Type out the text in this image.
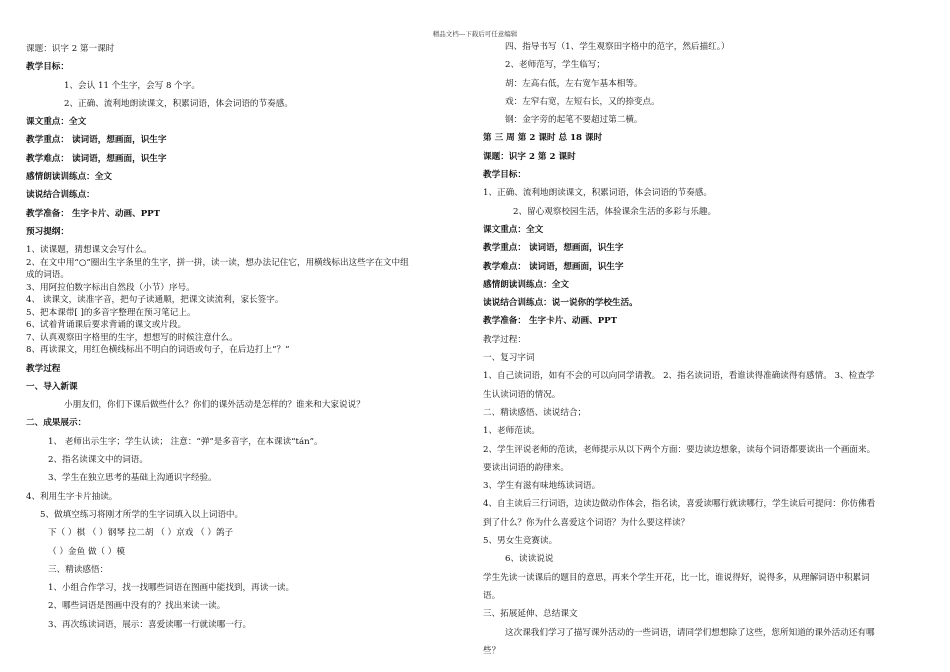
精品文档---下载后可任意编辑
课题：识字 2 第一课时
教学目标：
1、会认 11 个生字，会写 8 个字。
2、正确、流利地朗读课文，积累词语，体会词语的节奏感。
课文重点：全文
教学重点： 读词语，想画面，识生字
教学难点： 读词语，想画面，识生字
感情朗读训练点：全文
读说结合训练点：
教学准备： 生字卡片、动画、PPT
预习提纲：
1、读课题，猜想课文会写什么。
2、在文中用“○”圈出生字条里的生字，拼一拼，读一读，想办法记住它，用横线标出这些字在文中组
成的词语。
3、用阿拉伯数字标出自然段（小节）序号。
4、 读课文，读准字音，把句子读通顺，把课文读流利，家长签字。
5、把本课带[ ]的多音字整理在预习笔记上。
6、试着背诵课后要求背诵的课文或片段。
7、认真观察田字格里的生字，想想写的时候注意什么。
8、再读课文，用红色横线标出不明白的词语或句子，在后边打上“？”
教学过程
一、导入新课
小朋友们，你们下课后做些什么？你们的课外活动是怎样的？谁来和大家说说？
二、成果展示：
1、 老师出示生字；学生认读； 注意：“弹”是多音字，在本课读“tán”。
2、指名读课文中的词语。
3、学生在独立思考的基础上沟通识字经验。
4、利用生字卡片抽读。
5、做填空练习将刚才所学的生字词填入以上词语中。
下（ ）棋 （ ）钢琴 拉二胡 （ ）京戏 （ ）鸽子
（ ）金鱼 做（ ）模
三、精读感悟：
1、小组合作学习，找一找哪些词语在图画中能找到，再读一读。
2、哪些词语是图画中没有的？找出来读一读。
3、再次练读词语，展示：喜爱读哪一行就读哪一行。
四、指导书写（1、学生观察田字格中的范字，然后描红。）
2、老师范写，学生临写；
胡：左高右低，左右宽乍基本相等。
戏：左窄右宽，左短右长，又的捺变点。
钢：金字旁的起笔不要超过第二横。
第 三 周 第 2 课时 总 18 课时
课题：识字 2 第 2 课时
教学目标：
1、正确、流利地朗读课文，积累词语，体会词语的节奏感。
2、留心观察校园生活，体验课余生活的多彩与乐趣。
课文重点：全文
教学重点： 读词语，想画面，识生字
教学难点： 读词语，想画面，识生字
感情朗读训练点：全文
读说结合训练点：说一说你的学校生活。
教学准备： 生字卡片、动画、PPT
教学过程：
一、复习字词
1、自己读词语，如有不会的可以向同学请教。 2、指名读词语，看谁读得准确读得有感情。 3、检查学
生认读词语的情况。
二、精读感悟、读说结合；
1、老师范读。
2、学生评说老师的范读，老师提示从以下两个方面：要边读边想象，读每个词语都要读出一个画面来。
要读出词语的韵律来。
3、学生有滋有味地练读词语。
4、自主读后三行词语，边读边做动作体会，指名读，喜爱读哪行就读哪行，学生读后可提问：你仿佛看
到了什么？你为什么喜爱这个词语？为什么要这样读？
5、男女生竞赛读。
6、读读说说
学生先读一读课后的题目的意思，再来个学生开花，比一比，谁说得好，说得多，从理解词语中积累词
语。
三、拓展延伸、总结课文
这次课我们学习了描写课外活动的一些词语，请同学们想想除了这些，您所知道的课外活动还有哪
些？
